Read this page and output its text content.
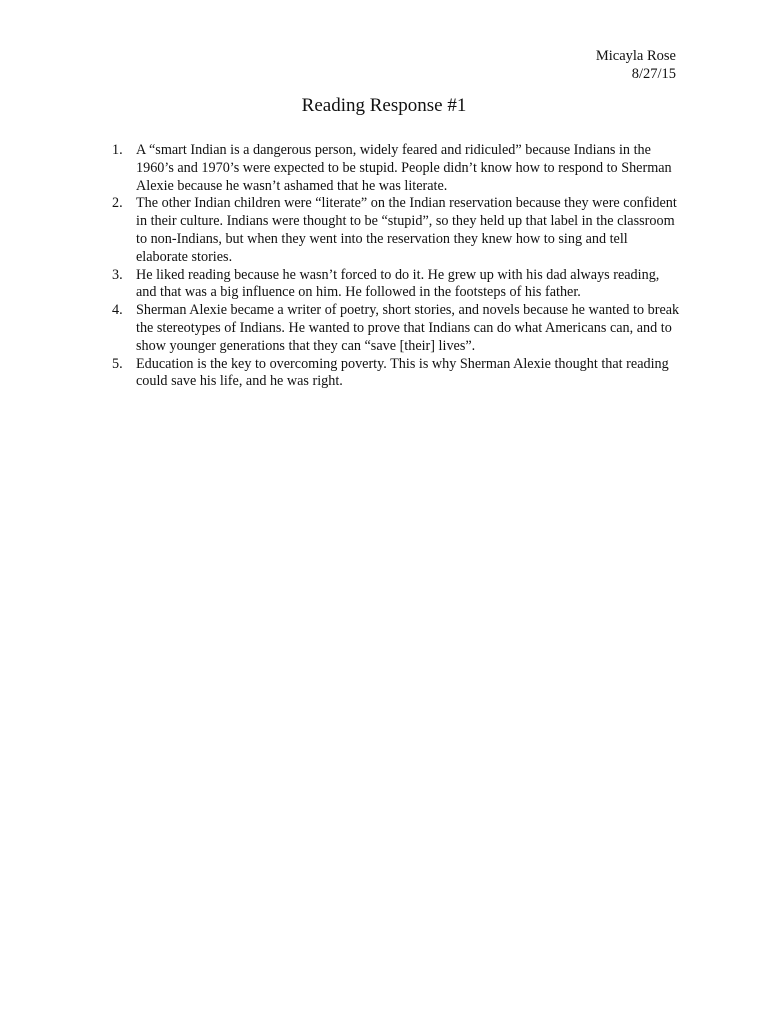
Micayla Rose
8/27/15
Reading Response #1
1. A “smart Indian is a dangerous person, widely feared and ridiculed” because Indians in the 1960’s and 1970’s were expected to be stupid. People didn’t know how to respond to Sherman Alexie because he wasn’t ashamed that he was literate.
2. The other Indian children were “literate” on the Indian reservation because they were confident in their culture. Indians were thought to be “stupid”, so they held up that label in the classroom to non-Indians, but when they went into the reservation they knew how to sing and tell elaborate stories.
3. He liked reading because he wasn’t forced to do it. He grew up with his dad always reading, and that was a big influence on him. He followed in the footsteps of his father.
4. Sherman Alexie became a writer of poetry, short stories, and novels because he wanted to break the stereotypes of Indians. He wanted to prove that Indians can do what Americans can, and to show younger generations that they can “save [their] lives”.
5. Education is the key to overcoming poverty. This is why Sherman Alexie thought that reading could save his life, and he was right.
